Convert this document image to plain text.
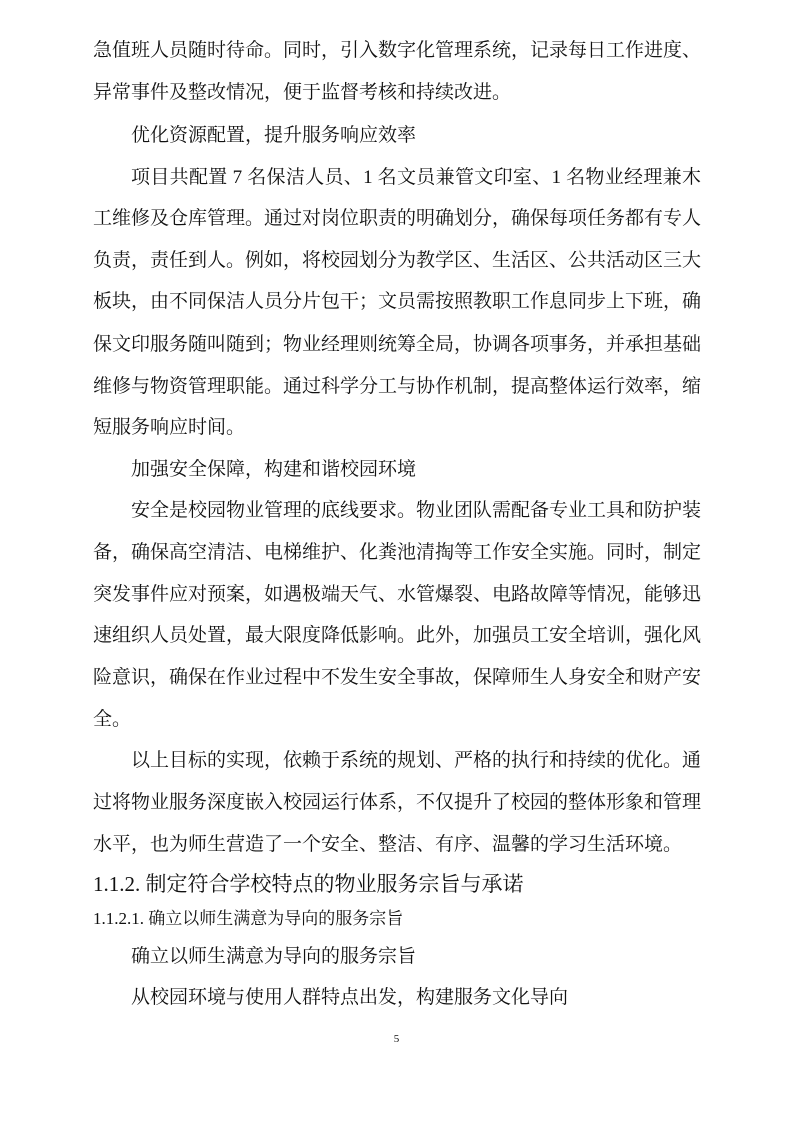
急值班人员随时待命。同时，引入数字化管理系统，记录每日工作进度、
异常事件及整改情况，便于监督考核和持续改进。
优化资源配置，提升服务响应效率
项目共配置 7 名保洁人员、1 名文员兼管文印室、1 名物业经理兼木
工维修及仓库管理。通过对岗位职责的明确划分，确保每项任务都有专人
负责，责任到人。例如，将校园划分为教学区、生活区、公共活动区三大
板块，由不同保洁人员分片包干；文员需按照教职工作息同步上下班，确
保文印服务随叫随到；物业经理则统筹全局，协调各项事务，并承担基础
维修与物资管理职能。通过科学分工与协作机制，提高整体运行效率，缩
短服务响应时间。
加强安全保障，构建和谐校园环境
安全是校园物业管理的底线要求。物业团队需配备专业工具和防护装
备，确保高空清洁、电梯维护、化粪池清掏等工作安全实施。同时，制定
突发事件应对预案，如遇极端天气、水管爆裂、电路故障等情况，能够迅
速组织人员处置，最大限度降低影响。此外，加强员工安全培训，强化风
险意识，确保在作业过程中不发生安全事故，保障师生人身安全和财产安
全。
以上目标的实现，依赖于系统的规划、严格的执行和持续的优化。通
过将物业服务深度嵌入校园运行体系，不仅提升了校园的整体形象和管理
水平，也为师生营造了一个安全、整洁、有序、温馨的学习生活环境。
1.1.2. 制定符合学校特点的物业服务宗旨与承诺
1.1.2.1. 确立以师生满意为导向的服务宗旨
确立以师生满意为导向的服务宗旨
从校园环境与使用人群特点出发，构建服务文化导向
5
